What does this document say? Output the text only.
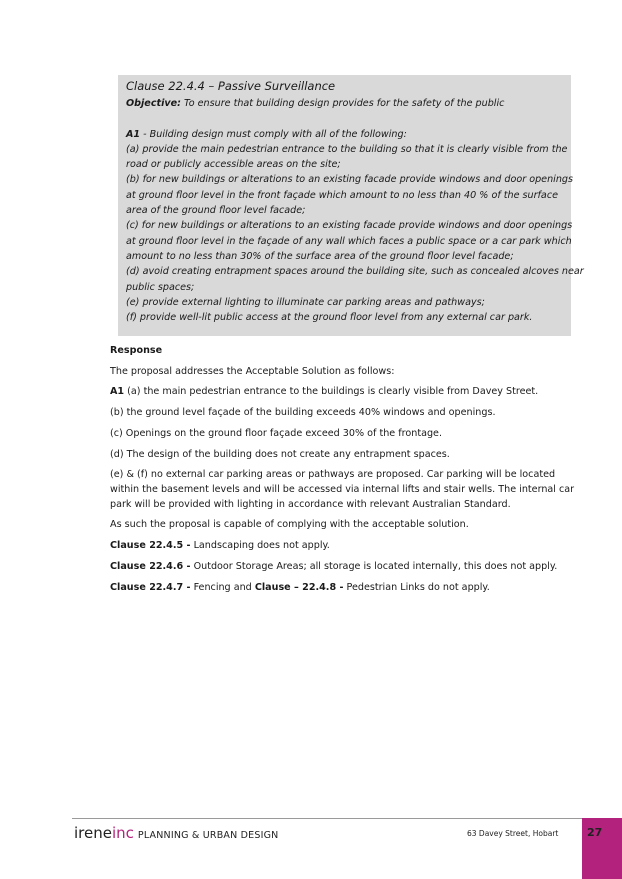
Clause 22.4.4 – Passive Surveillance
Objective: To ensure that building design provides for the safety of the public
A1 - Building design must comply with all of the following:
(a) provide the main pedestrian entrance to the building so that it is clearly visible from the
road or publicly accessible areas on the site;
(b) for new buildings or alterations to an existing facade provide windows and door openings
at ground floor level in the front façade which amount to no less than 40 % of the surface
area of the ground floor level facade;
(c) for new buildings or alterations to an existing facade provide windows and door openings
at ground floor level in the façade of any wall which faces a public space or a car park which
amount to no less than 30% of the surface area of the ground floor level facade;
(d) avoid creating entrapment spaces around the building site, such as concealed alcoves near
public spaces;
(e) provide external lighting to illuminate car parking areas and pathways;
(f) provide well-lit public access at the ground floor level from any external car park.
Response
The proposal addresses the Acceptable Solution as follows:
A1 (a) the main pedestrian entrance to the buildings is clearly visible from Davey Street.
(b) the ground level façade of the building exceeds 40% windows and openings.
(c) Openings on the ground floor façade exceed 30% of the frontage.
(d) The design of the building does not create any entrapment spaces.
(e) & (f) no external car parking areas or pathways are proposed. Car parking will be located within the basement levels and will be accessed via internal lifts and stair wells. The internal car park will be provided with lighting in accordance with relevant Australian Standard.
As such the proposal is capable of complying with the acceptable solution.
Clause 22.4.5 - Landscaping does not apply.
Clause 22.4.6 - Outdoor Storage Areas; all storage is located internally, this does not apply.
Clause 22.4.7 - Fencing and Clause – 22.4.8 - Pedestrian Links do not apply.
ireneinc PLANNING & URBAN DESIGN	63 Davey Street, Hobart	27
